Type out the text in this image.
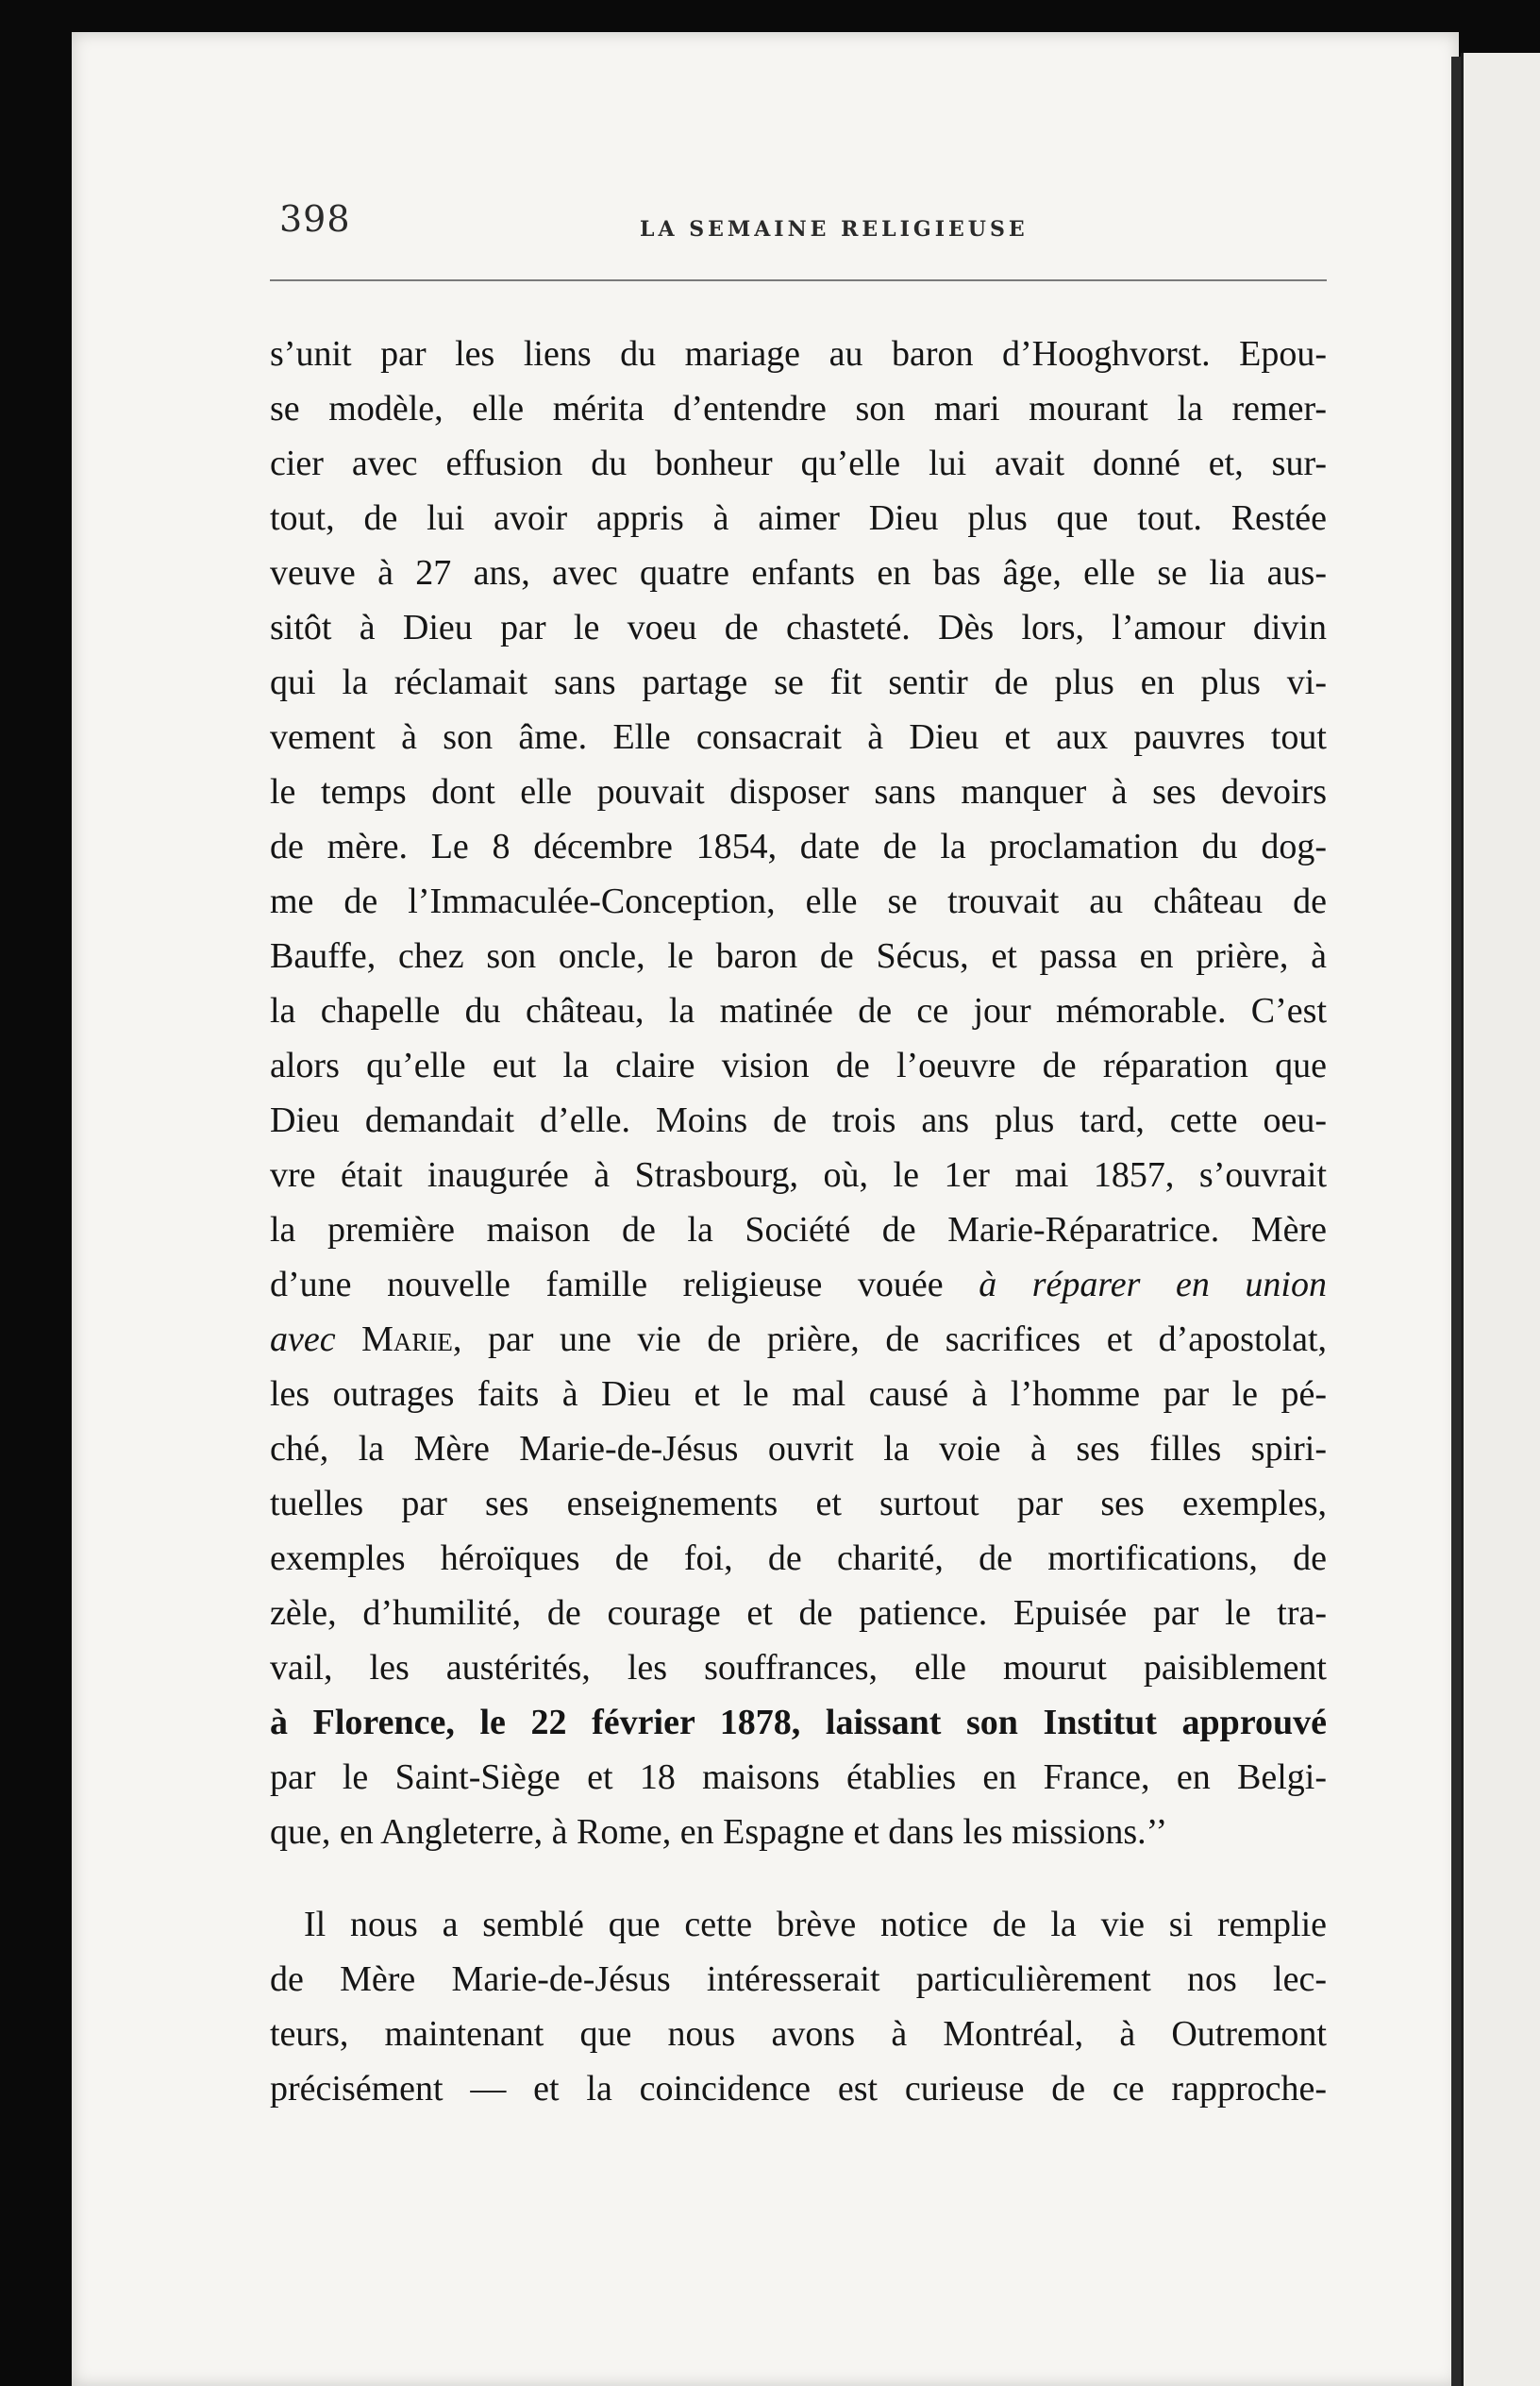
398	LA SEMAINE RELIGIEUSE
s’unit par les liens du mariage au baron d’Hooghvorst. Epou-
se modèle, elle mérita d’entendre son mari mourant la remer-
cier avec effusion du bonheur qu’elle lui avait donné et, sur-
tout, de lui avoir appris à aimer Dieu plus que tout. Restée
veuve à 27 ans, avec quatre enfants en bas âge, elle se lia aus-
sitôt à Dieu par le voeu de chasteté. Dès lors, l’amour divin
qui la réclamait sans partage se fit sentir de plus en plus vi-
vement à son âme. Elle consacrait à Dieu et aux pauvres tout
le temps dont elle pouvait disposer sans manquer à ses devoirs
de mère. Le 8 décembre 1854, date de la proclamation du dog-
me de l’Immaculée-Conception, elle se trouvait au château de
Bauffe, chez son oncle, le baron de Sécus, et passa en prière, à
la chapelle du château, la matinée de ce jour mémorable. C’est
alors qu’elle eut la claire vision de l’oeuvre de réparation que
Dieu demandait d’elle. Moins de trois ans plus tard, cette oeu-
vre était inaugurée à Strasbourg, où, le 1er mai 1857, s’ouvrait
la première maison de la Société de Marie-Réparatrice. Mère
d’une nouvelle famille religieuse vouée à réparer en union
avec Marie, par une vie de prière, de sacrifices et d’apostolat,
les outrages faits à Dieu et le mal causé à l’homme par le pé-
ché, la Mère Marie-de-Jésus ouvrit la voie à ses filles spiri-
tuelles par ses enseignements et surtout par ses exemples,
exemples héroïques de foi, de charité, de mortifications, de
zèle, d’humilité, de courage et de patience. Epuisée par le tra-
vail, les austérités, les souffrances, elle mourut paisiblement
à Florence, le 22 février 1878, laissant son Institut approuvé
par le Saint-Siège et 18 maisons établies en France, en Belgi-
que, en Angleterre, à Rome, en Espagne et dans les missions.’’
Il nous a semblé que cette brève notice de la vie si remplie
de Mère Marie-de-Jésus intéresserait particulièrement nos lec-
teurs, maintenant que nous avons à Montréal, à Outremont
précisément — et la coincidence est curieuse de ce rapproche-
